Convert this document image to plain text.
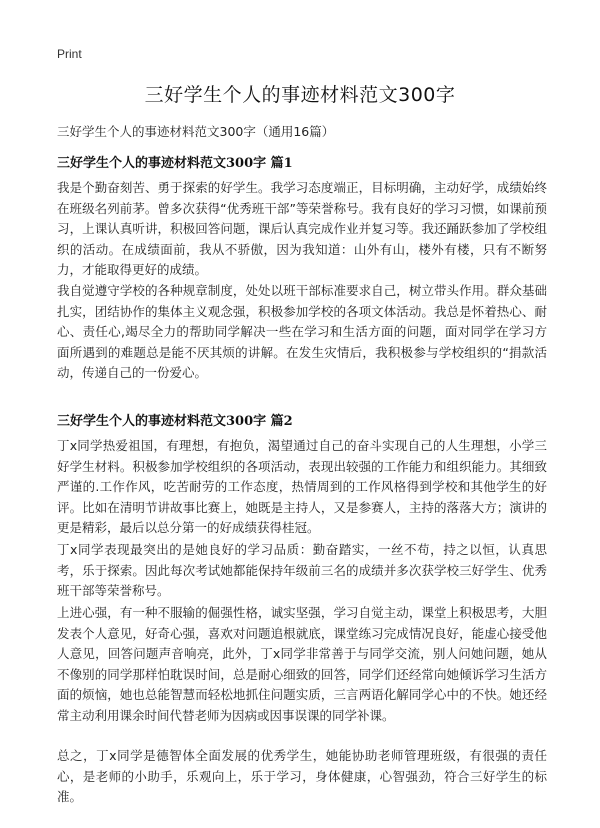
Print
三好学生个人的事迹材料范文300字
三好学生个人的事迹材料范文300字（通用16篇）
三好学生个人的事迹材料范文300字 篇1

我是个勤奋刻苦、勇于探索的好学生。我学习态度端正，目标明确，主动好学，成绩始终在班级名列前茅。曾多次获得“优秀班干部”等荣誉称号。我有良好的学习习惯，如课前预习，上课认真听讲，积极回答问题，课后认真完成作业并复习等。我还踊跃参加了学校组织的活动。在成绩面前，我从不骄傲，因为我知道：山外有山，楼外有楼，只有不断努力，才能取得更好的成绩。

我自觉遵守学校的各种规章制度，处处以班干部标准要求自己，树立带头作用。群众基础扎实，团结协作的集体主义观念强，积极参加学校的各项文体活动。我总是怀着热心、耐心、责任心,竭尽全力的帮助同学解决一些在学习和生活方面的问题，面对同学在学习方面所遇到的难题总是能不厌其烦的讲解。在发生灾情后，我积极参与学校组织的“捐款活动，传递自己的一份爱心。

三好学生个人的事迹材料范文300字 篇2

丁x同学热爱祖国，有理想，有抱负，渴望通过自己的奋斗实现自己的人生理想，小学三好学生材料。积极参加学校组织的各项活动，表现出较强的工作能力和组织能力。其细致严谨的.工作作风，吃苦耐劳的工作态度，热情周到的工作风格得到学校和其他学生的好评。比如在清明节讲故事比赛上，她既是主持人，又是参赛人，主持的落落大方；演讲的更是精彩，最后以总分第一的好成绩获得桂冠。

丁x同学表现最突出的是她良好的学习品质：勤奋踏实，一丝不苟，持之以恒，认真思考，乐于探索。因此每次考试她都能保持年级前三名的成绩并多次获学校三好学生、优秀班干部等荣誉称号。

上进心强，有一种不服输的倔强性格，诚实坚强，学习自觉主动，课堂上积极思考，大胆发表个人意见，好奇心强，喜欢对问题追根就底，课堂练习完成情况良好，能虚心接受他人意见，回答问题声音响亮，此外，丁x同学非常善于与同学交流，别人问她问题，她从不像别的同学那样怕耽误时间，总是耐心细致的回答，同学们还经常向她倾诉学习生活方面的烦恼，她也总能智慧而轻松地抓住问题实质，三言两语化解同学心中的不快。她还经常主动利用课余时间代替老师为因病或因事误课的同学补课。

总之，丁x同学是德智体全面发展的优秀学生，她能协助老师管理班级，有很强的责任心，是老师的小助手，乐观向上，乐于学习，身体健康，心智强劲，符合三好学生的标准。
